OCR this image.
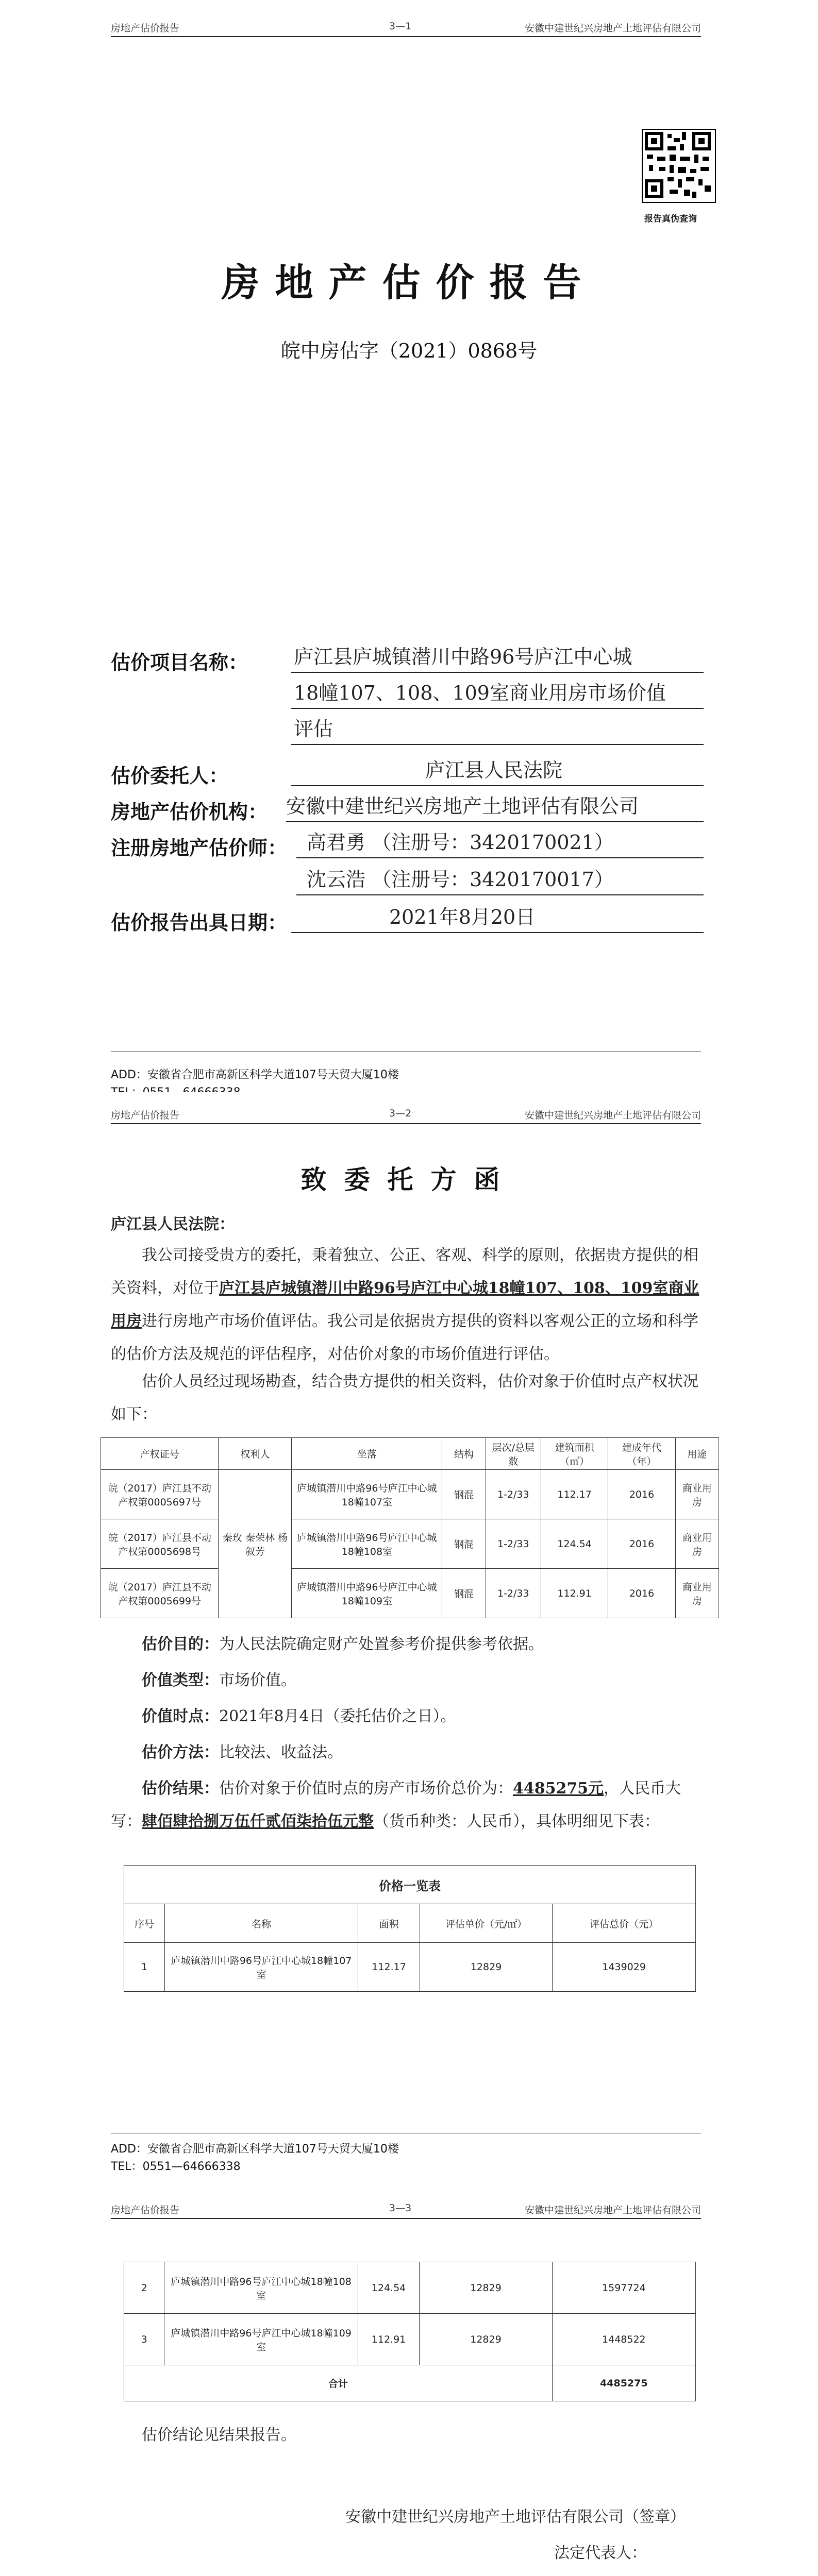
房地产估价报告	3—1	安徽中建世纪兴房地产土地评估有限公司
报告真伪查询
房地产估价报告
皖中房估字（2021）0868号
估价项目名称： 庐江县庐城镇潜川中路96号庐江中心城
18幢107、108、109室商业用房市场价值
评估
估价委托人：	庐江县人民法院
房地产估价机构： 安徽中建世纪兴房地产土地评估有限公司
注册房地产估价师： 高君勇 （注册号：3420170021）
沈云浩 （注册号：3420170017）
估价报告出具日期：	2021年8月20日
ADD：安徽省合肥市高新区科学大道107号天贸大厦10楼
房地产估价报告	3—2	安徽中建世纪兴房地产土地评估有限公司
致委托方函
庐江县人民法院：
我公司接受贵方的委托，秉着独立、公正、客观、科学的原则，依据贵方提供的相关资料，对位于庐江县庐城镇潜川中路96号庐江中心城18幢107、108、109室商业用房进行房地产市场价值评估。我公司是依据贵方提供的资料以客观公正的立场和科学的估价方法及规范的评估程序，对估价对象的市场价值进行评估。
估价人员经过现场勘查，结合贵方提供的相关资料，估价对象于价值时点产权状况如下：
产权证号	权利人	坐落	结构	层次/总层数	建筑面积（㎡）	建成年代（年）	用途
皖（2017）庐江县不动产权第0005697号	秦玫 秦荣林 杨叙芳	庐城镇潜川中路96号庐江中心城18幢107室	钢混	1-2/33	112.17	2016	商业用房
皖（2017）庐江县不动产权第0005698号		庐城镇潜川中路96号庐江中心城18幢108室	钢混	1-2/33	124.54	2016	商业用房
皖（2017）庐江县不动产权第0005699号		庐城镇潜川中路96号庐江中心城18幢109室	钢混	1-2/33	112.91	2016	商业用房
估价目的：为人民法院确定财产处置参考价提供参考依据。
价值类型：市场价值。
价值时点：2021年8月4日（委托估价之日）。
估价方法：比较法、收益法。
估价结果：估价对象于价值时点的房产市场价总价为：4485275元，人民币大写：肆佰肆拾捌万伍仟贰佰柒拾伍元整（货币种类：人民币），具体明细见下表：
价格一览表				
序号	名称	面积	评估单价（元/㎡）	评估总价（元）
1	庐城镇潜川中路96号庐江中心城18幢107室	112.17	12829	1439029
ADD：安徽省合肥市高新区科学大道107号天贸大厦10楼
TEL：0551—64666338
房地产估价报告	3—3	安徽中建世纪兴房地产土地评估有限公司
2	庐城镇潜川中路96号庐江中心城18幢108室	124.54	12829	1597724
3	庐城镇潜川中路96号庐江中心城18幢109室	112.91	12829	1448522
合计				4485275
估价结论见结果报告。
安徽中建世纪兴房地产土地评估有限公司（签章）
法定代表人：
